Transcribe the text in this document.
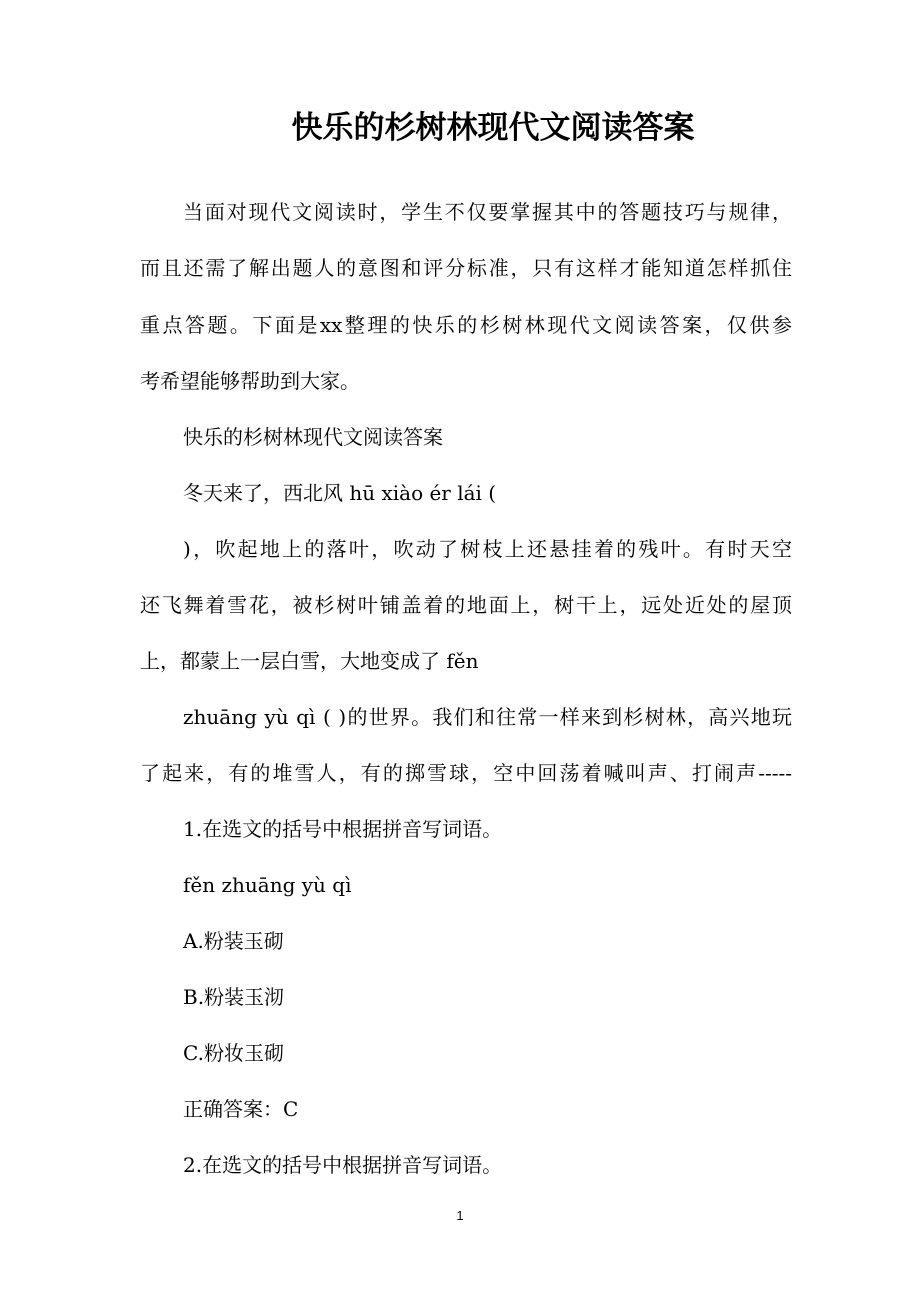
快乐的杉树林现代文阅读答案
当面对现代文阅读时，学生不仅要掌握其中的答题技巧与规律，
而且还需了解出题人的意图和评分标准，只有这样才能知道怎样抓住
重点答题。下面是xx整理的快乐的杉树林现代文阅读答案，仅供参
考希望能够帮助到大家。
快乐的杉树林现代文阅读答案
冬天来了，西北风 hū xiào ér lái (
)，吹起地上的落叶，吹动了树枝上还悬挂着的残叶。有时天空
还飞舞着雪花，被杉树叶铺盖着的地面上，树干上，远处近处的屋顶
上，都蒙上一层白雪，大地变成了 fěn
zhuāng yù qì ( )的世界。我们和往常一样来到杉树林，高兴地玩
了起来，有的堆雪人，有的掷雪球，空中回荡着喊叫声、打闹声-----
1.在选文的括号中根据拼音写词语。
fěn zhuāng yù qì
A.粉装玉砌
B.粉装玉沏
C.粉妆玉砌
正确答案：C
2.在选文的括号中根据拼音写词语。
1
